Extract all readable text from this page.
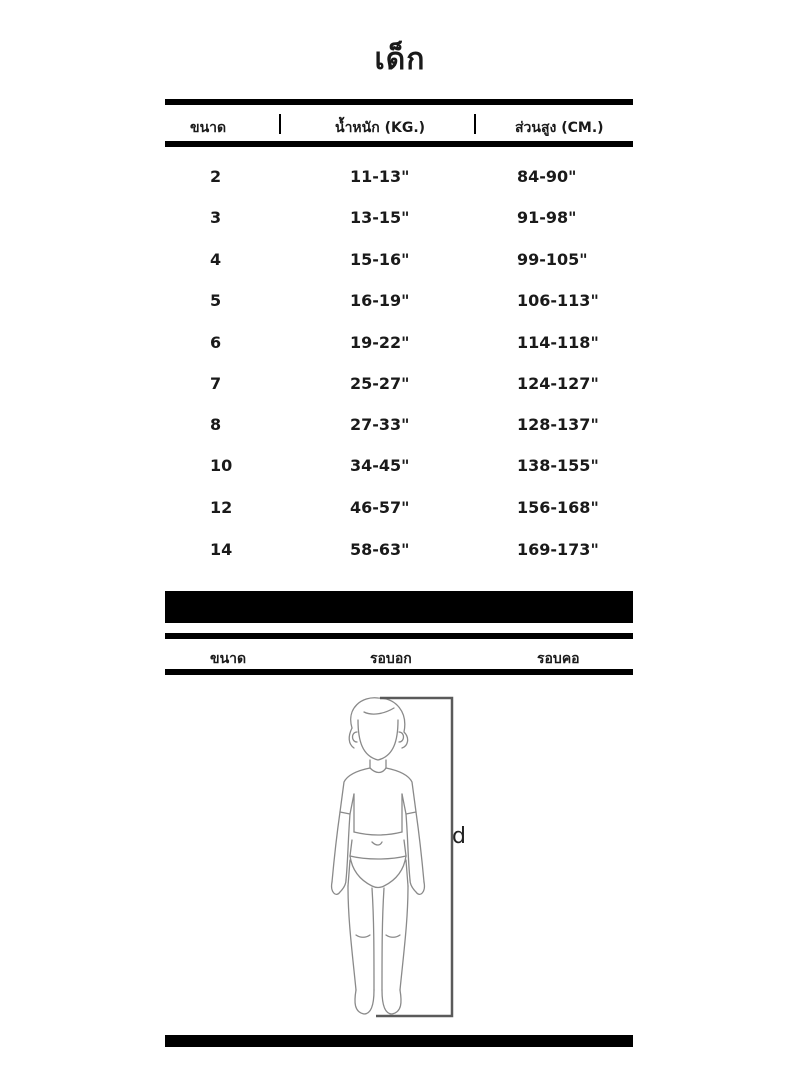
เด็ก
ขนาด	น้ำหนัก (KG.)	ส่วนสูง (CM.)
2	11-13"	84-90"
3	13-15"	91-98"
4	15-16"	99-105"
5	16-19"	106-113"
6	19-22"	114-118"
7	25-27"	124-127"
8	27-33"	128-137"
10	34-45"	138-155"
12	46-57"	156-168"
14	58-63"	169-173"
ขนาด	รอบอก	รอบคอ
d
